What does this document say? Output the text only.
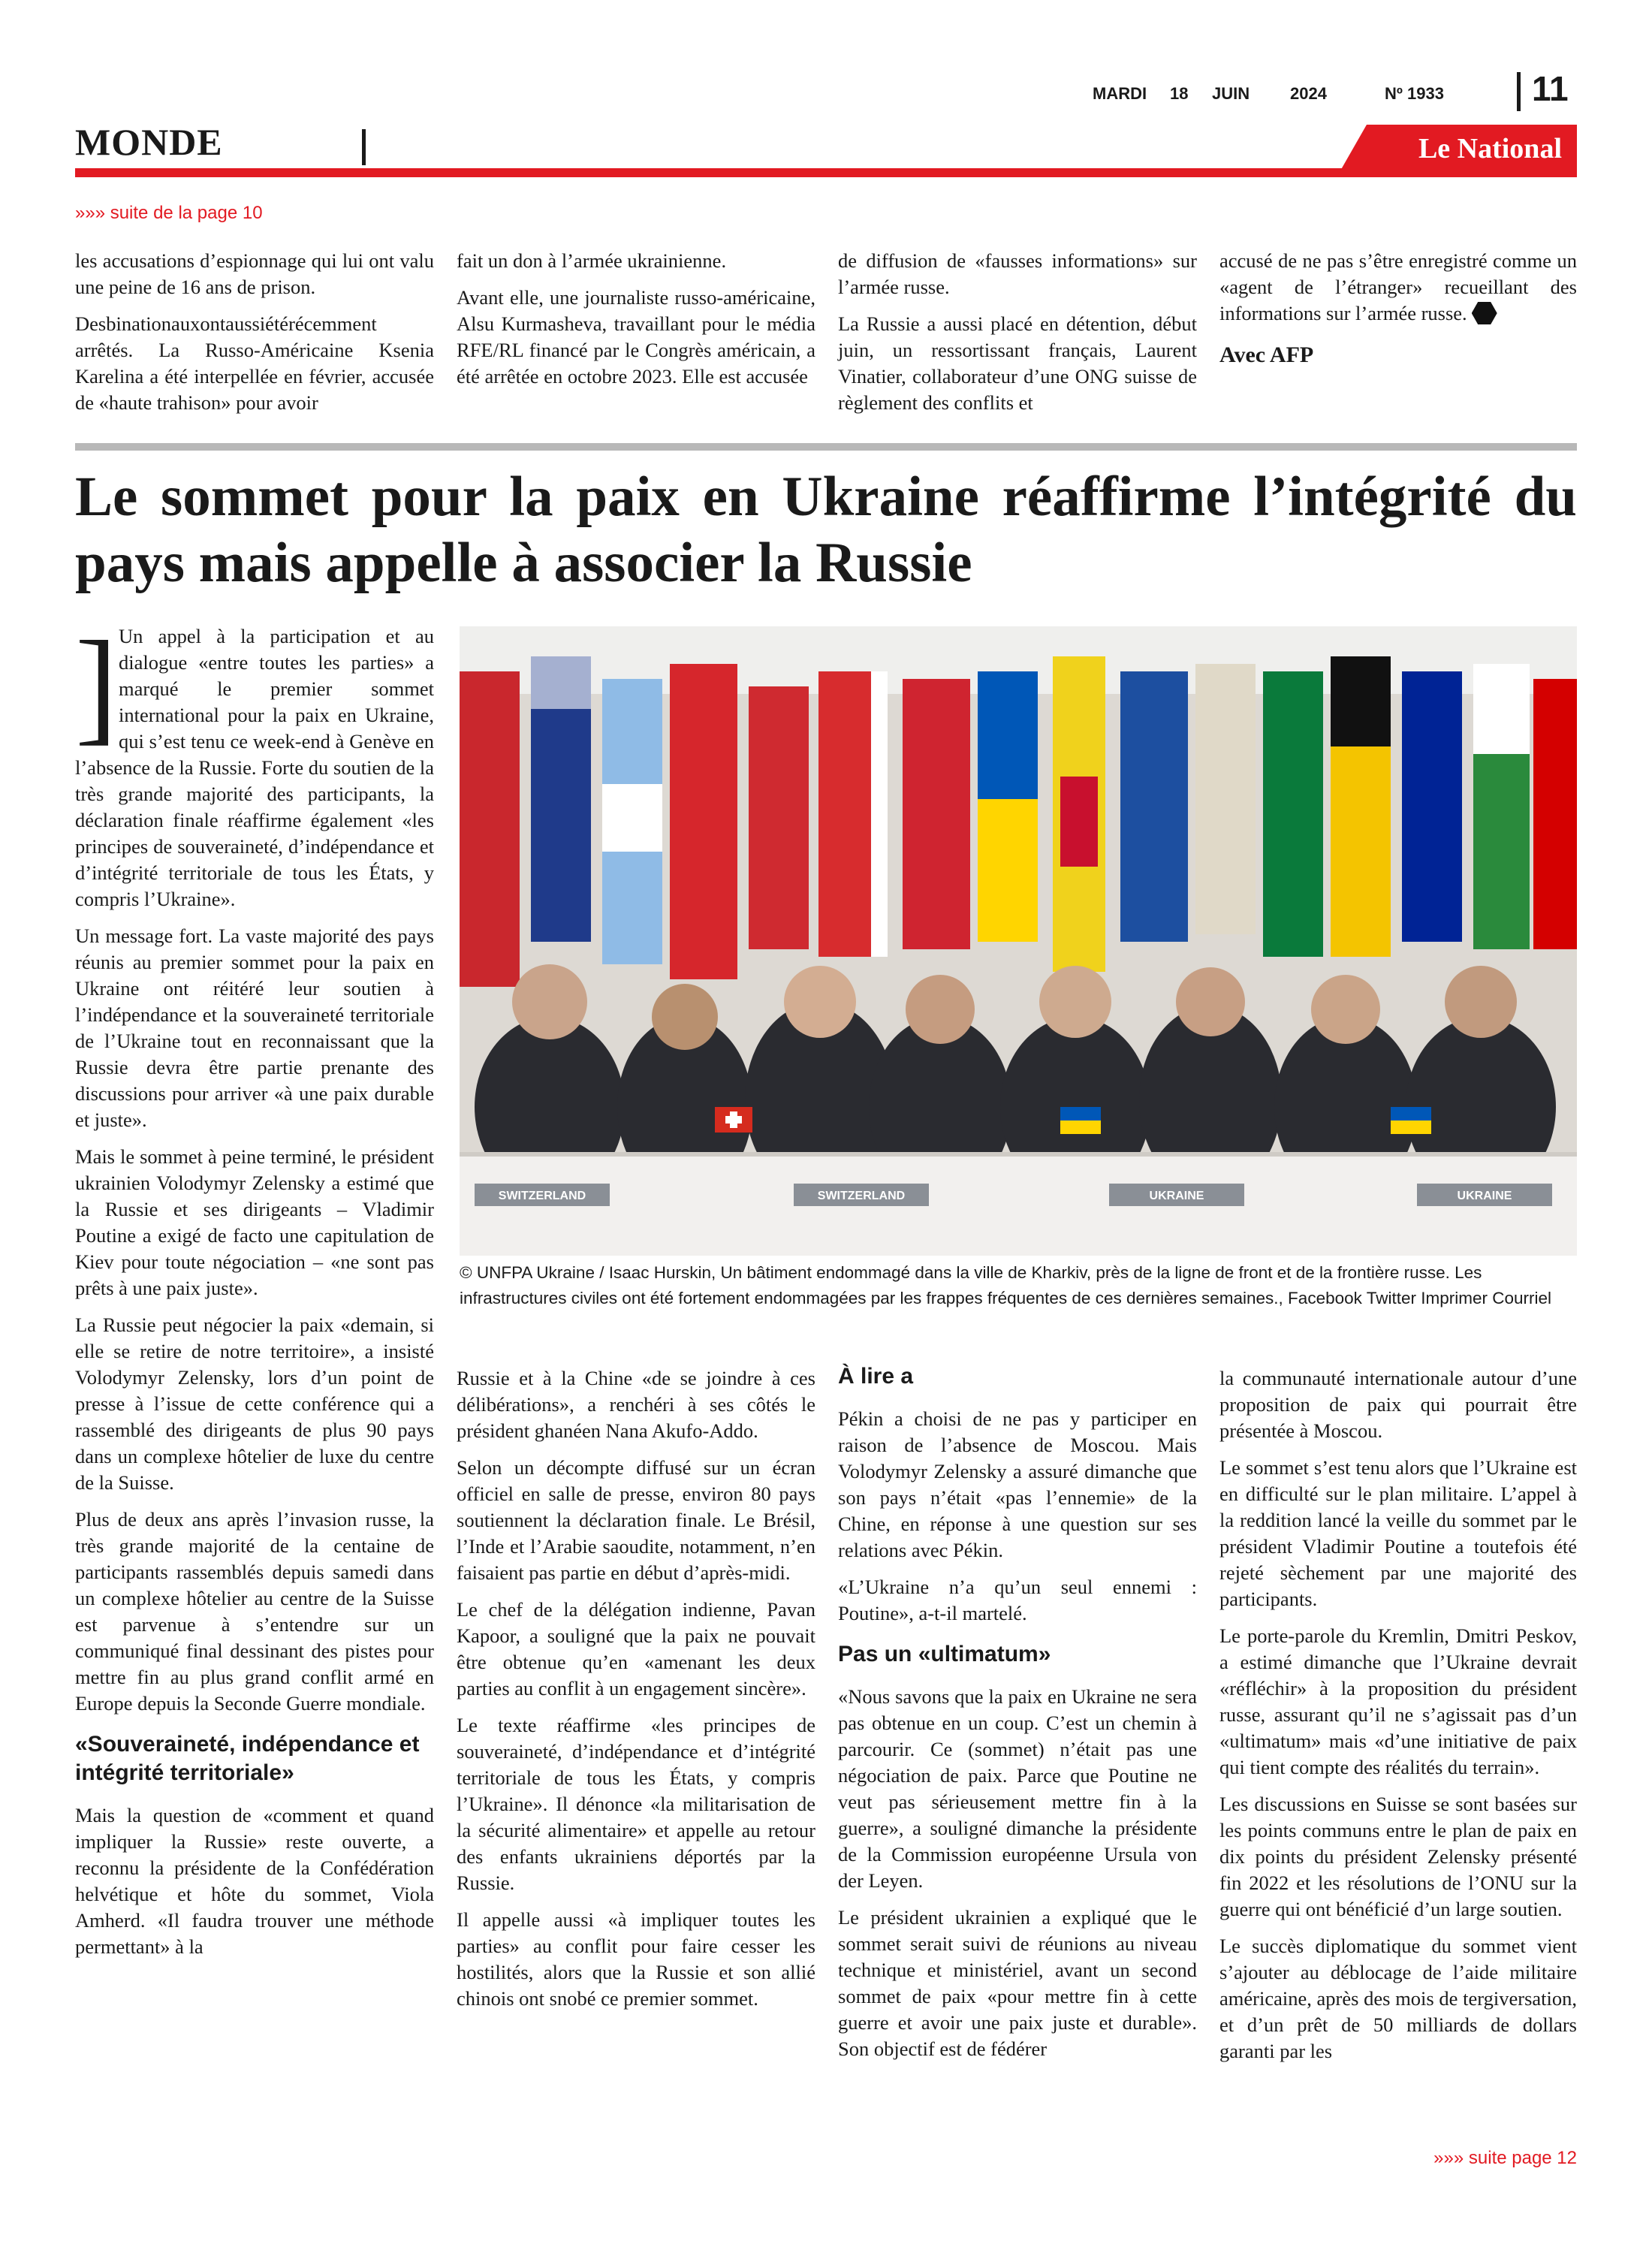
MARDI 18 JUIN 2024	Nº 1933	11
MONDE	Le National
»»» suite de la page 10

les accusations d’espionnage qui lui ont valu une peine de 16 ans de prison.

Desbinationauxontaussiétérécemment arrêtés. La Russo-Américaine Ksenia Karelina a été interpellée en février, accusée de «haute trahison» pour avoir

fait un don à l’armée ukrainienne.

Avant elle, une journaliste russo-américaine, Alsu Kurmasheva, travaillant pour le média RFE/RL financé par le Congrès américain, a été arrêtée en octobre 2023. Elle est accusée

de diffusion de «fausses informations» sur l’armée russe.

La Russie a aussi placé en détention, début juin, un ressortissant français, Laurent Vinatier, collaborateur d’une ONG suisse de règlement des conflits et

accusé de ne pas s’être enregistré comme un «agent de l’étranger» recueillant des informations sur l’armée russe.

Avec AFP
Le sommet pour la paix en Ukraine réaffirme l’intégrité du pays mais appelle à associer la Russie
] Un appel à la participation et au dialogue «entre toutes les parties» a marqué le premier sommet international pour la paix en Ukraine, qui s’est tenu ce week-end à Genève en l’absence de la Russie. Forte du soutien de la très grande majorité des participants, la déclaration finale réaffirme également «les principes de souveraineté, d’indépendance et d’intégrité territoriale de tous les États, y compris l’Ukraine».

Un message fort. La vaste majorité des pays réunis au premier sommet pour la paix en Ukraine ont réitéré leur soutien à l’indépendance et la souveraineté territoriale de l’Ukraine tout en reconnaissant que la Russie devra être partie prenante des discussions pour arriver «à une paix durable et juste».

Mais le sommet à peine terminé, le président ukrainien Volodymyr Zelensky a estimé que la Russie et ses dirigeants – Vladimir Poutine a exigé de facto une capitulation de Kiev pour toute négociation – «ne sont pas prêts à une paix juste».

La Russie peut négocier la paix «demain, si elle se retire de notre territoire», a insisté Volodymyr Zelensky, lors d’un point de presse à l’issue de cette conférence qui a rassemblé des dirigeants de plus 90 pays dans un complexe hôtelier de luxe du centre de la Suisse.

Plus de deux ans après l’invasion russe, la très grande majorité de la centaine de participants rassemblés depuis samedi dans un complexe hôtelier au centre de la Suisse est parvenue à s’entendre sur un communiqué final dessinant des pistes pour mettre fin au plus grand conflit armé en Europe depuis la Seconde Guerre mondiale.

«Souveraineté, indépendance et intégrité territoriale»

Mais la question de «comment et quand impliquer la Russie» reste ouverte, a reconnu la présidente de la Confédération helvétique et hôte du sommet, Viola Amherd. «Il faudra trouver une méthode permettant» à la

SWITZERLAND	SWITZERLAND	UKRAINE	UKRAINE
© UNFPA Ukraine / Isaac Hurskin, Un bâtiment endommagé dans la ville de Kharkiv, près de la ligne de front et de la frontière russe. Les infrastructures civiles ont été fortement endommagées par les frappes fréquentes de ces dernières semaines., Facebook Twitter Imprimer Courriel

Russie et à la Chine «de se joindre à ces délibérations», a renchéri à ses côtés le président ghanéen Nana Akufo-Addo.

Selon un décompte diffusé sur un écran officiel en salle de presse, environ 80 pays soutiennent la déclaration finale. Le Brésil, l’Inde et l’Arabie saoudite, notamment, n’en faisaient pas partie en début d’après-midi.

Le chef de la délégation indienne, Pavan Kapoor, a souligné que la paix ne pouvait être obtenue qu’en «amenant les deux parties au conflit à un engagement sincère».

Le texte réaffirme «les principes de souveraineté, d’indépendance et d’intégrité territoriale de tous les États, y compris l’Ukraine». Il dénonce «la militarisation de la sécurité alimentaire» et appelle au retour des enfants ukrainiens déportés par la Russie.

Il appelle aussi «à impliquer toutes les parties» au conflit pour faire cesser les hostilités, alors que la Russie et son allié chinois ont snobé ce premier sommet.

À lire a

Pékin a choisi de ne pas y participer en raison de l’absence de Moscou. Mais Volodymyr Zelensky a assuré dimanche que son pays n’était «pas l’ennemie» de la Chine, en réponse à une question sur ses relations avec Pékin.

«L’Ukraine n’a qu’un seul ennemi : Poutine», a-t-il martelé.

Pas un «ultimatum»

«Nous savons que la paix en Ukraine ne sera pas obtenue en un coup. C’est un chemin à parcourir. Ce (sommet) n’était pas une négociation de paix. Parce que Poutine ne veut pas sérieusement mettre fin à la guerre», a souligné dimanche la présidente de la Commission européenne Ursula von der Leyen.

Le président ukrainien a expliqué que le sommet serait suivi de réunions au niveau technique et ministériel, avant un second sommet de paix «pour mettre fin à cette guerre et avoir une paix juste et durable». Son objectif est de fédérer

la communauté internationale autour d’une proposition de paix qui pourrait être présentée à Moscou.

Le sommet s’est tenu alors que l’Ukraine est en difficulté sur le plan militaire. L’appel à la reddition lancé la veille du sommet par le président Vladimir Poutine a toutefois été rejeté sèchement par une majorité des participants.

Le porte-parole du Kremlin, Dmitri Peskov, a estimé dimanche que l’Ukraine devrait «réfléchir» à la proposition du président russe, assurant qu’il ne s’agissait pas d’un «ultimatum» mais «d’une initiative de paix qui tient compte des réalités du terrain».

Les discussions en Suisse se sont basées sur les points communs entre le plan de paix en dix points du président Zelensky présenté fin 2022 et les résolutions de l’ONU sur la guerre qui ont bénéficié d’un large soutien.

Le succès diplomatique du sommet vient s’ajouter au déblocage de l’aide militaire américaine, après des mois de tergiversation, et d’un prêt de 50 milliards de dollars garanti par les

»»» suite page 12
